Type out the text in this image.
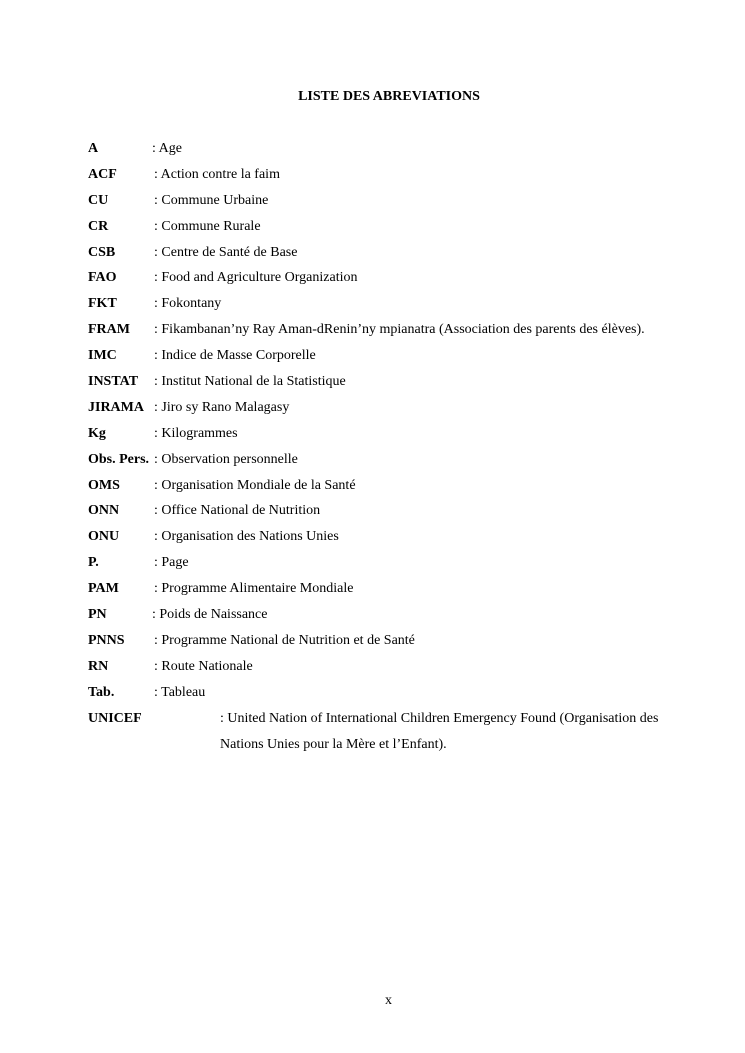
LISTE DES ABREVIATIONS
A	: Age
ACF	: Action contre la faim
CU	: Commune Urbaine
CR	: Commune Rurale
CSB	: Centre de Santé de Base
FAO	: Food and Agriculture Organization
FKT	: Fokontany
FRAM : Fikambanan’ny Ray Aman-dRenin’ny mpianatra (Association des parents des élèves).
IMC	: Indice de Masse Corporelle
INSTAT : Institut National de la Statistique
JIRAMA : Jiro sy Rano Malagasy
Kg	: Kilogrammes
Obs. Pers. : Observation personnelle
OMS : Organisation Mondiale de la Santé
ONN : Office National de Nutrition
ONU : Organisation des Nations Unies
P.	: Page
PAM	: Programme Alimentaire Mondiale
PN	: Poids de Naissance
PNNS : Programme National de Nutrition et de Santé
RN	: Route Nationale
Tab.	: Tableau
UNICEF	: United Nation of International Children Emergency Found (Organisation des Nations Unies pour la Mère et l’Enfant).
x
